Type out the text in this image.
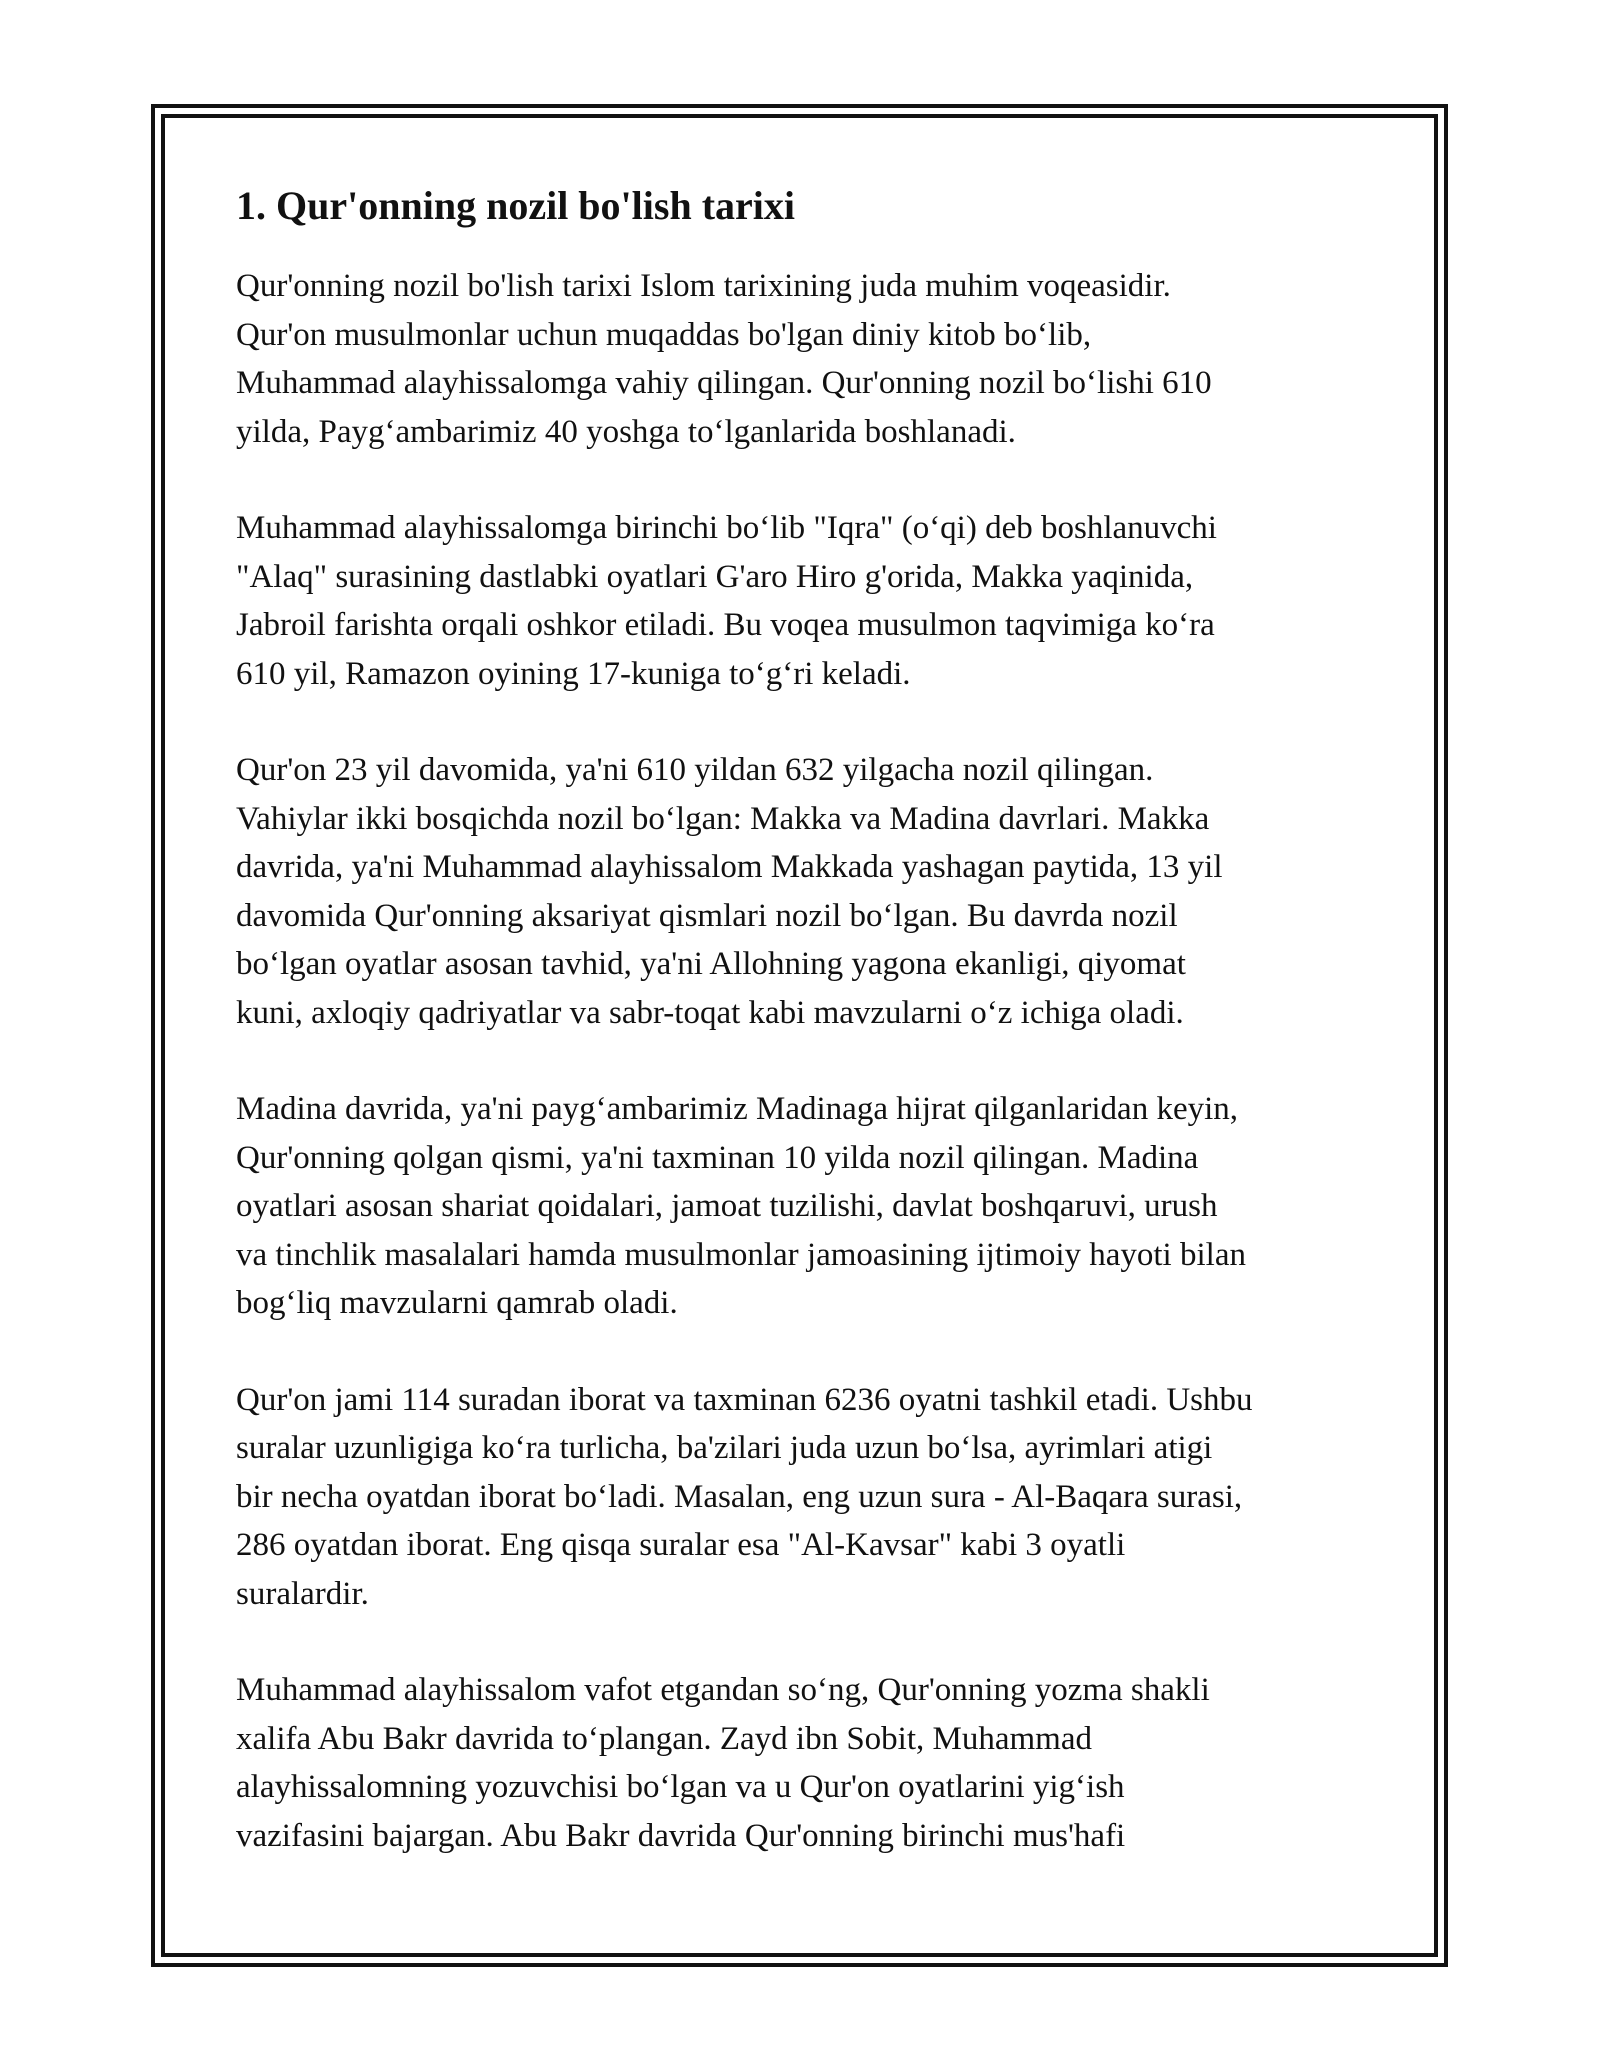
1. Qur'onning nozil bo'lish tarixi

Qur'onning nozil bo'lish tarixi Islom tarixining juda muhim voqeasidir.
Qur'on musulmonlar uchun muqaddas bo'lgan diniy kitob bo‘lib,
Muhammad alayhissalomga vahiy qilingan. Qur'onning nozil bo‘lishi 610
yilda, Payg‘ambarimiz 40 yoshga to‘lganlarida boshlanadi.

Muhammad alayhissalomga birinchi bo‘lib "Iqra" (o‘qi) deb boshlanuvchi
"Alaq" surasining dastlabki oyatlari G'aro Hiro g'orida, Makka yaqinida,
Jabroil farishta orqali oshkor etiladi. Bu voqea musulmon taqvimiga ko‘ra
610 yil, Ramazon oyining 17-kuniga to‘g‘ri keladi.

Qur'on 23 yil davomida, ya'ni 610 yildan 632 yilgacha nozil qilingan.
Vahiylar ikki bosqichda nozil bo‘lgan: Makka va Madina davrlari. Makka
davrida, ya'ni Muhammad alayhissalom Makkada yashagan paytida, 13 yil
davomida Qur'onning aksariyat qismlari nozil bo‘lgan. Bu davrda nozil
bo‘lgan oyatlar asosan tavhid, ya'ni Allohning yagona ekanligi, qiyomat
kuni, axloqiy qadriyatlar va sabr-toqat kabi mavzularni o‘z ichiga oladi.

Madina davrida, ya'ni payg‘ambarimiz Madinaga hijrat qilganlaridan keyin,
Qur'onning qolgan qismi, ya'ni taxminan 10 yilda nozil qilingan. Madina
oyatlari asosan shariat qoidalari, jamoat tuzilishi, davlat boshqaruvi, urush
va tinchlik masalalari hamda musulmonlar jamoasining ijtimoiy hayoti bilan
bog‘liq mavzularni qamrab oladi.

Qur'on jami 114 suradan iborat va taxminan 6236 oyatni tashkil etadi. Ushbu
suralar uzunligiga ko‘ra turlicha, ba'zilari juda uzun bo‘lsa, ayrimlari atigi
bir necha oyatdan iborat bo‘ladi. Masalan, eng uzun sura - Al-Baqara surasi,
286 oyatdan iborat. Eng qisqa suralar esa "Al-Kavsar" kabi 3 oyatli
suralardir.

Muhammad alayhissalom vafot etgandan so‘ng, Qur'onning yozma shakli
xalifa Abu Bakr davrida to‘plangan. Zayd ibn Sobit, Muhammad
alayhissalomning yozuvchisi bo‘lgan va u Qur'on oyatlarini yig‘ish
vazifasini bajargan. Abu Bakr davrida Qur'onning birinchi mus'hafi
